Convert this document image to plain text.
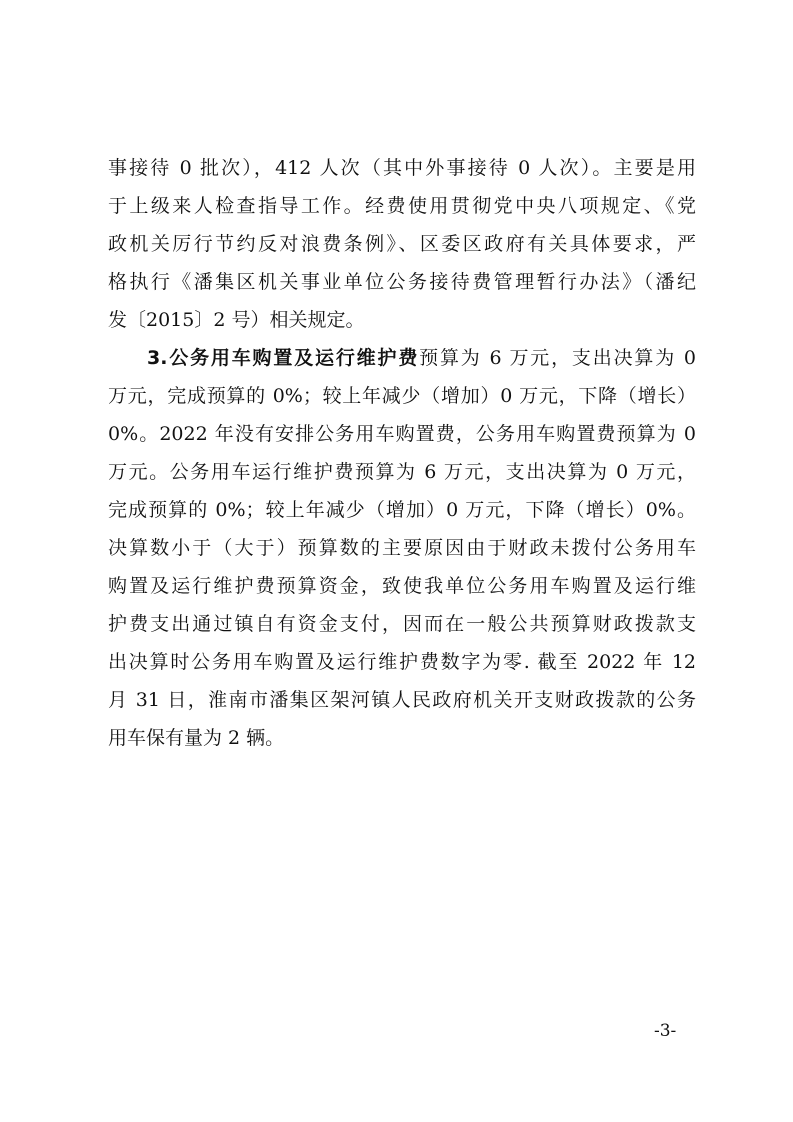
事接待 0 批次），412 人次（其中外事接待 0 人次）。主要是用
于上级来人检查指导工作。经费使用贯彻党中央八项规定、《党
政机关厉行节约反对浪费条例》、区委区政府有关具体要求，严
格执行《潘集区机关事业单位公务接待费管理暂行办法》（潘纪
发〔2015〕2 号）相关规定。
3.公务用车购置及运行维护费预算为 6 万元，支出决算为 0
万元，完成预算的 0%；较上年减少（增加）0 万元，下降（增长）
0%。2022 年没有安排公务用车购置费，公务用车购置费预算为 0
万元。公务用车运行维护费预算为 6 万元，支出决算为 0 万元，
完成预算的 0%；较上年减少（增加）0 万元，下降（增长）0%。
决算数小于（大于）预算数的主要原因由于财政未拨付公务用车
购置及运行维护费预算资金，致使我单位公务用车购置及运行维
护费支出通过镇自有资金支付，因而在一般公共预算财政拨款支
出决算时公务用车购置及运行维护费数字为零. 截至 2022 年 12
月 31 日，淮南市潘集区架河镇人民政府机关开支财政拨款的公务
用车保有量为 2 辆。
-3-
